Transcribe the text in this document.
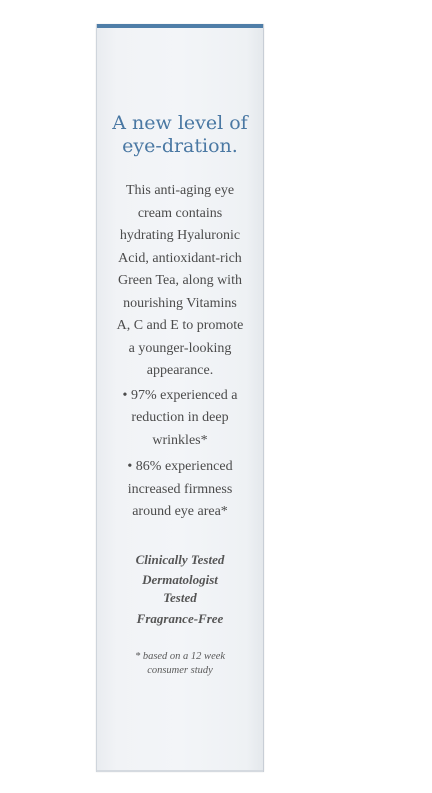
A new level of
eye-dration.
This anti-aging eye
cream contains
hydrating Hyaluronic
Acid, antioxidant-rich
Green Tea, along with
nourishing Vitamins
A, C and E to promote
a younger-looking
appearance.
• 97% experienced a
reduction in deep
wrinkles*
• 86% experienced
increased firmness
around eye area*
Clinically Tested
Dermatologist
Tested
Fragrance-Free
* based on a 12 week
consumer study
